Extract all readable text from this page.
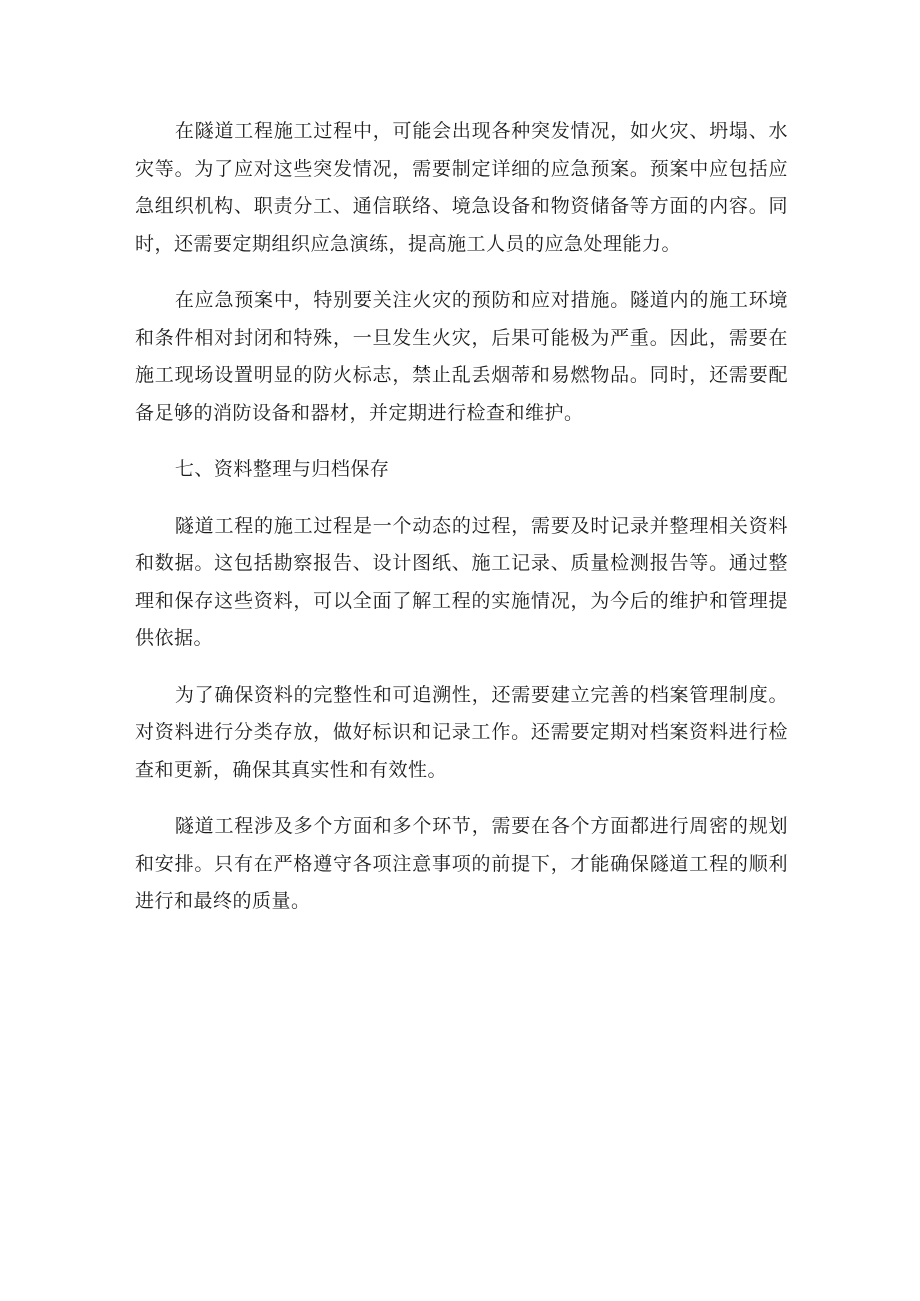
在隧道工程施工过程中，可能会出现各种突发情况，如火灾、坍塌、水灾等。为了应对这些突发情况，需要制定详细的应急预案。预案中应包括应急组织机构、职责分工、通信联络、境急设备和物资储备等方面的内容。同时，还需要定期组织应急演练，提高施工人员的应急处理能力。

在应急预案中，特别要关注火灾的预防和应对措施。隧道内的施工环境和条件相对封闭和特殊，一旦发生火灾，后果可能极为严重。因此，需要在施工现场设置明显的防火标志，禁止乱丢烟蒂和易燃物品。同时，还需要配备足够的消防设备和器材，并定期进行检查和维护。

七、资料整理与归档保存

隧道工程的施工过程是一个动态的过程，需要及时记录并整理相关资料和数据。这包括勘察报告、设计图纸、施工记录、质量检测报告等。通过整理和保存这些资料，可以全面了解工程的实施情况，为今后的维护和管理提供依据。

为了确保资料的完整性和可追溯性，还需要建立完善的档案管理制度。对资料进行分类存放，做好标识和记录工作。还需要定期对档案资料进行检查和更新，确保其真实性和有效性。

隧道工程涉及多个方面和多个环节，需要在各个方面都进行周密的规划和安排。只有在严格遵守各项注意事项的前提下，才能确保隧道工程的顺利进行和最终的质量。
